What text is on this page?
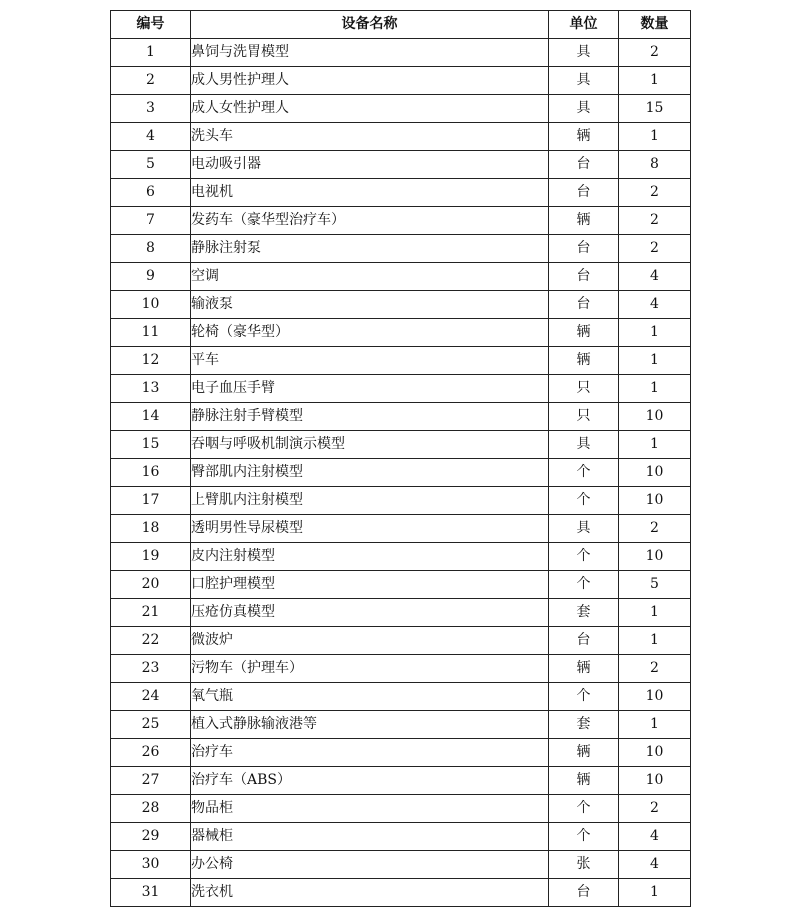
编号	设备名称	单位	数量
1	鼻饲与洗胃模型	具	2
2	成人男性护理人	具	1
3	成人女性护理人	具	15
4	洗头车	辆	1
5	电动吸引器	台	8
6	电视机	台	2
7	发药车（豪华型治疗车）	辆	2
8	静脉注射泵	台	2
9	空调	台	4
10	输液泵	台	4
11	轮椅（豪华型）	辆	1
12	平车	辆	1
13	电子血压手臂	只	1
14	静脉注射手臂模型	只	10
15	吞咽与呼吸机制演示模型	具	1
16	臀部肌内注射模型	个	10
17	上臂肌内注射模型	个	10
18	透明男性导尿模型	具	2
19	皮内注射模型	个	10
20	口腔护理模型	个	5
21	压疮仿真模型	套	1
22	微波炉	台	1
23	污物车（护理车）	辆	2
24	氧气瓶	个	10
25	植入式静脉输液港等	套	1
26	治疗车	辆	10
27	治疗车（ABS）	辆	10
28	物品柜	个	2
29	器械柜	个	4
30	办公椅	张	4
31	洗衣机	台	1
